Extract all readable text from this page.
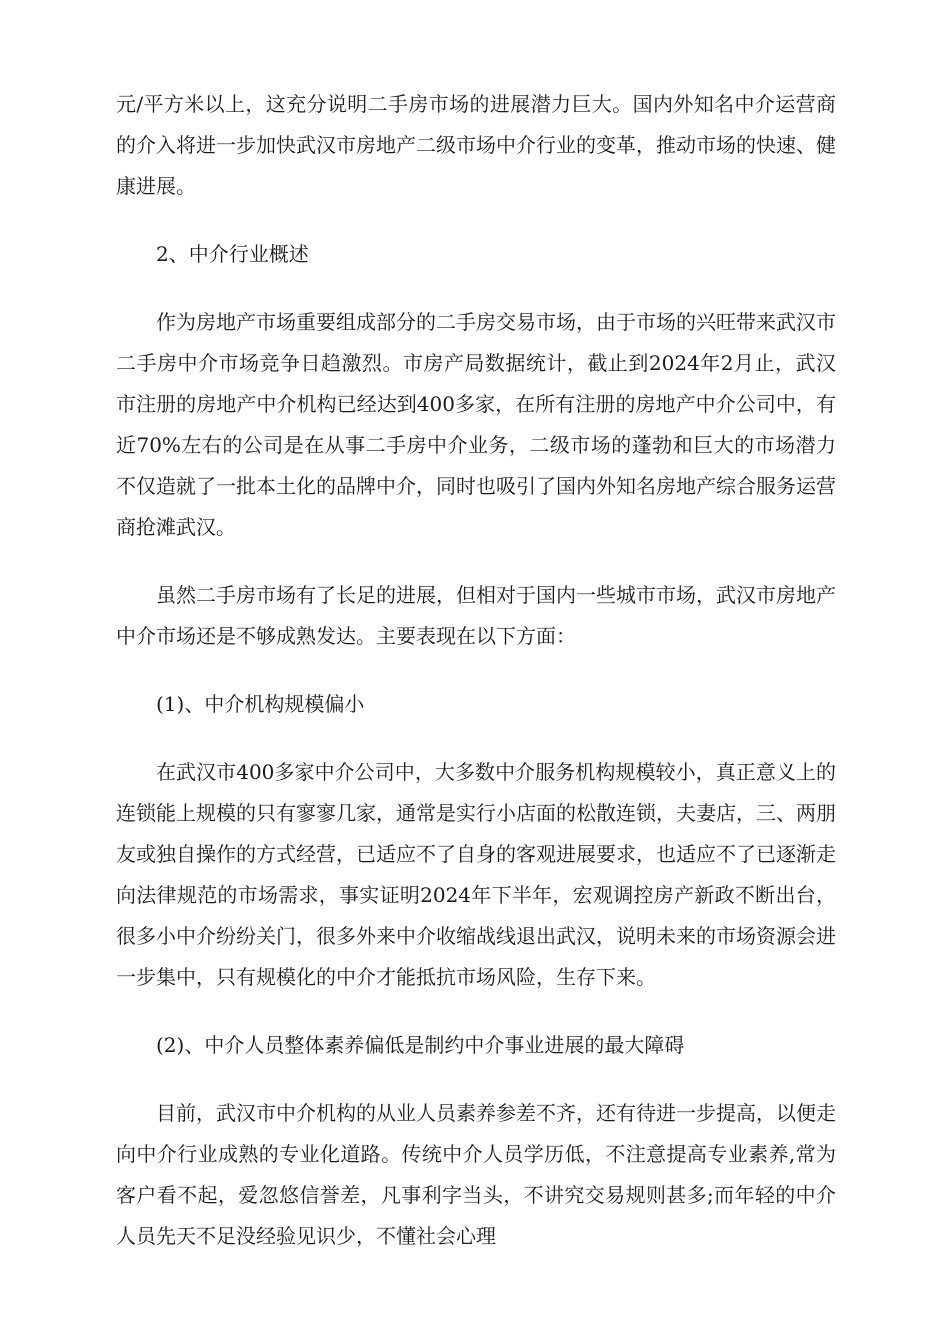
元/平方米以上，这充分说明二手房市场的进展潜力巨大。国内外知名中介运营商的介入将进一步加快武汉市房地产二级市场中介行业的变革，推动市场的快速、健康进展。

2、中介行业概述

作为房地产市场重要组成部分的二手房交易市场，由于市场的兴旺带来武汉市二手房中介市场竞争日趋激烈。市房产局数据统计，截止到2024年2月止，武汉市注册的房地产中介机构已经达到400多家，在所有注册的房地产中介公司中，有近70%左右的公司是在从事二手房中介业务，二级市场的蓬勃和巨大的市场潜力不仅造就了一批本土化的品牌中介，同时也吸引了国内外知名房地产综合服务运营商抢滩武汉。

虽然二手房市场有了长足的进展，但相对于国内一些城市市场，武汉市房地产中介市场还是不够成熟发达。主要表现在以下方面：

(1)、中介机构规模偏小

在武汉市400多家中介公司中，大多数中介服务机构规模较小，真正意义上的连锁能上规模的只有寥寥几家，通常是实行小店面的松散连锁，夫妻店，三、两朋友或独自操作的方式经营，已适应不了自身的客观进展要求，也适应不了已逐渐走向法律规范的市场需求，事实证明2024年下半年，宏观调控房产新政不断出台，很多小中介纷纷关门，很多外来中介收缩战线退出武汉，说明未来的市场资源会进一步集中，只有规模化的中介才能抵抗市场风险，生存下来。

(2)、中介人员整体素养偏低是制约中介事业进展的最大障碍

目前，武汉市中介机构的从业人员素养参差不齐，还有待进一步提高，以便走向中介行业成熟的专业化道路。传统中介人员学历低，不注意提高专业素养,常为客户看不起，爱忽悠信誉差，凡事利字当头，不讲究交易规则甚多;而年轻的中介人员先天不足没经验见识少，不懂社会心理
